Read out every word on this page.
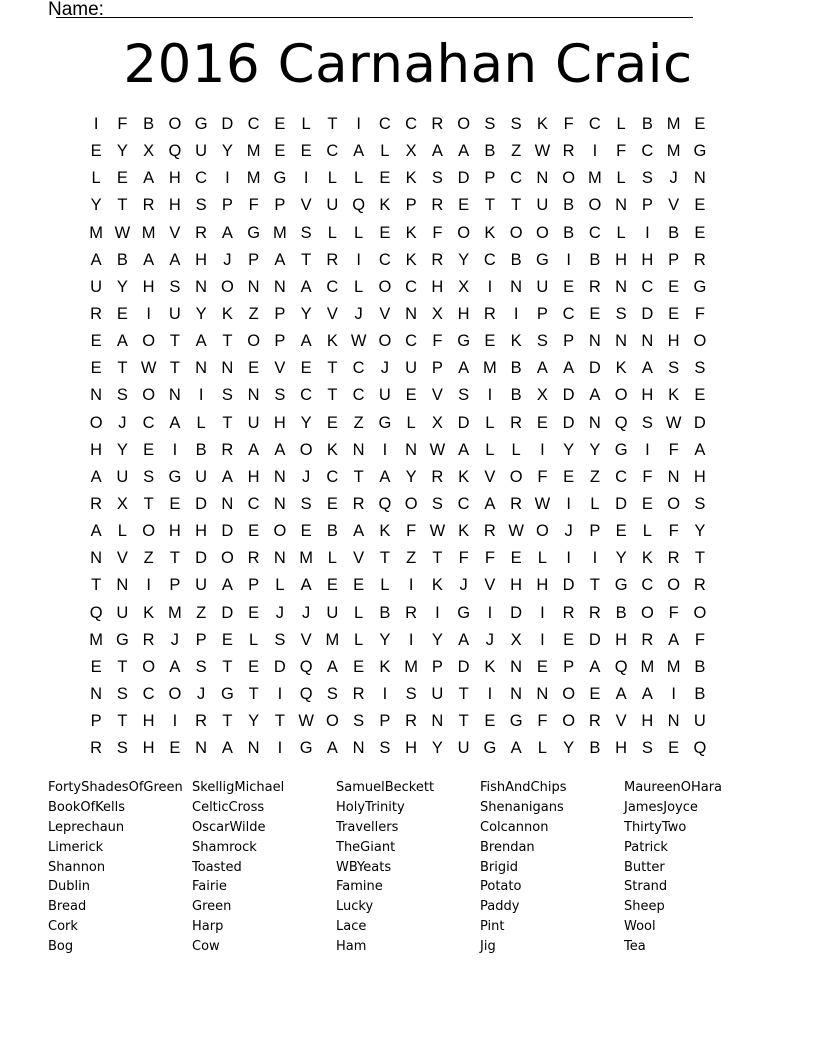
Name:
2016 Carnahan Craic
I	F B O G D C E L	T	I	C C R O S S K F C L B M E
E Y X Q U Y M E E C A L X A A B Z W R	I	F C M G
L E A H C	I	M G	I	L	L E K S D P C N O M L S	J N
Y T R H S P F P V U Q K P R E T T U B O N P V E
M W M V R A G M S L	L E K F O K O O B C L	I	B E
A B A A H J	P A T R	I	C K R Y C B G	I	B H H P R
U Y H S N O N N A C L O C H X	I	N U E R N C E G
R E	I	U Y K Z P Y V	J	V N X H R	I	P C E S D E F
E A O T A T O P A K W O C F G E K S P N N N H O
E T W T N N E V E T C J U P A M B A A D K A S S
N S O N	I	S N S C T C U E V S	I	B X D A O H K E
O J C A L	T U H Y E Z G L X D L R E D N Q S W D
H Y E	I	B R A A O K N	I	N W A L	L	I	Y Y G	I	F A
A U S G U A H N J C T A Y R K V O F E Z C F N H
R X T E D N C N S E R Q O S C A R W I	L D E O S
A L O H H D E O E B A K F W K R W O J	P E L	F Y
N V Z T D O R N M L V T Z T F F E L	I	I	Y K R T
T N	I	P U A P L A E E L	I	K	J	V H H D T G C O R
Q U K M Z D E	J	J U L B R	I	G	I	D	I	R R B O F O
M G R J	P E L S V M L Y	I	Y A	J	X	I	E D H R A F
E T O A S T E D Q A E K M P D K N E P A Q M M B
N S C O J G T	I	Q S R	I	S U T	I	N N O E A A	I	B
P T H	I	R T Y T W O S P R N T E G F O R V H N U
R S H E N A N	I	G A N S H Y U G A L Y B H S E Q
FortyShadesOfGreen SkelligMichael	SamuelBeckett	FishAndChips	MaureenOHara
BookOfKells	CelticCross	HolyTrinity	Shenanigans	JamesJoyce
Leprechaun	OscarWilde	Travellers	Colcannon	ThirtyTwo
Limerick	Shamrock	TheGiant	Brendan	Patrick
Shannon	Toasted	WBYeats	Brigid	Butter
Dublin	Fairie	Famine	Potato	Strand
Bread	Green	Lucky	Paddy	Sheep
Cork	Harp	Lace	Pint	Wool
Bog	Cow	Ham	Jig	Tea
